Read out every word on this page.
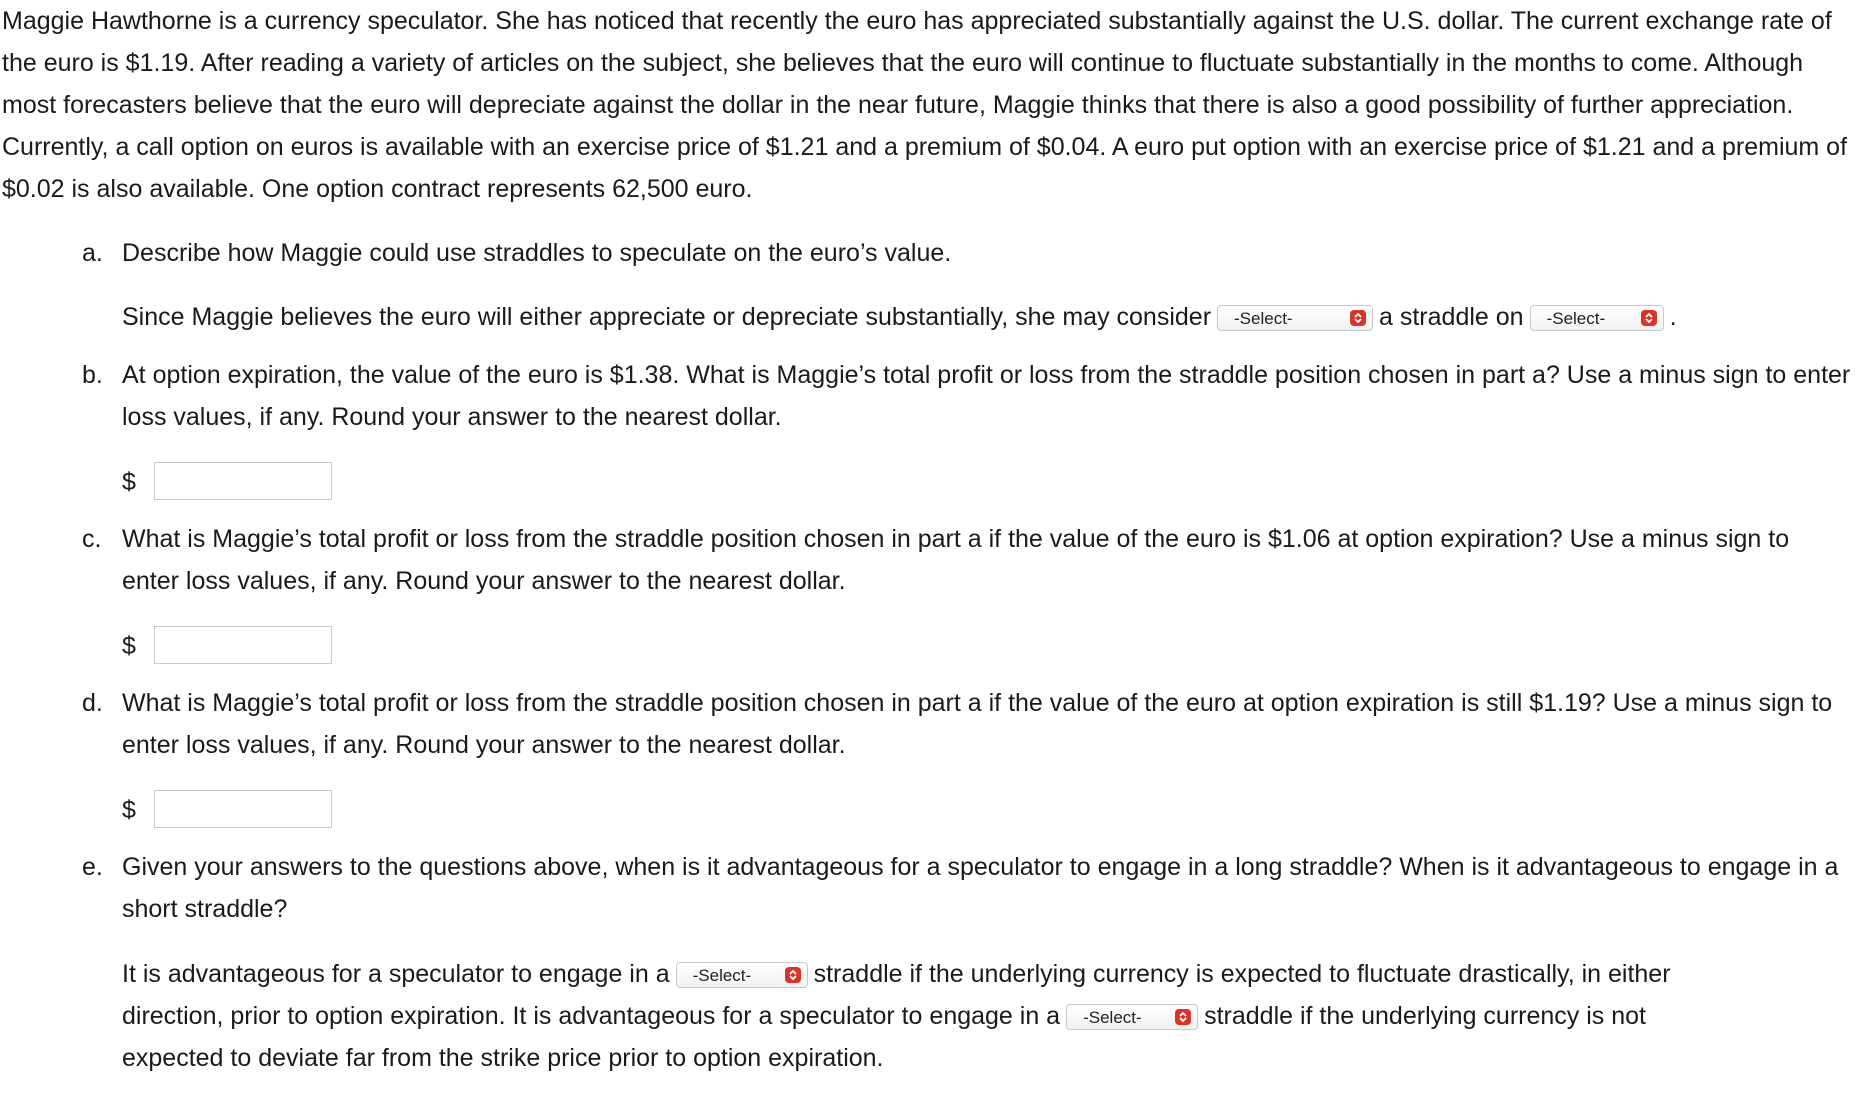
Maggie Hawthorne is a currency speculator. She has noticed that recently the euro has appreciated substantially against the U.S. dollar. The current exchange rate of the euro is $1.19. After reading a variety of articles on the subject, she believes that the euro will continue to fluctuate substantially in the months to come. Although most forecasters believe that the euro will depreciate against the dollar in the near future, Maggie thinks that there is also a good possibility of further appreciation. Currently, a call option on euros is available with an exercise price of $1.21 and a premium of $0.04. A euro put option with an exercise price of $1.21 and a premium of $0.02 is also available. One option contract represents 62,500 euro.

a. Describe how Maggie could use straddles to speculate on the euro’s value.

Since Maggie believes the euro will either appreciate or depreciate substantially, she may consider -Select-	a straddle on -Select-	.
b. At option expiration, the value of the euro is $1.38. What is Maggie’s total profit or loss from the straddle position chosen in part a? Use a minus sign to enter loss values, if any. Round your answer to the nearest dollar.

$
c. What is Maggie’s total profit or loss from the straddle position chosen in part a if the value of the euro is $1.06 at option expiration? Use a minus sign to enter loss values, if any. Round your answer to the nearest dollar.

$
d. What is Maggie’s total profit or loss from the straddle position chosen in part a if the value of the euro at option expiration is still $1.19? Use a minus sign to enter loss values, if any. Round your answer to the nearest dollar.

$
e. Given your answers to the questions above, when is it advantageous for a speculator to engage in a long straddle? When is it advantageous to engage in a short straddle?

It is advantageous for a speculator to engage in a -Select- straddle if the underlying currency is expected to fluctuate drastically, in either
direction, prior to option expiration. It is advantageous for a speculator to engage in a -Select- straddle if the underlying currency is not
expected to deviate far from the strike price prior to option expiration.
